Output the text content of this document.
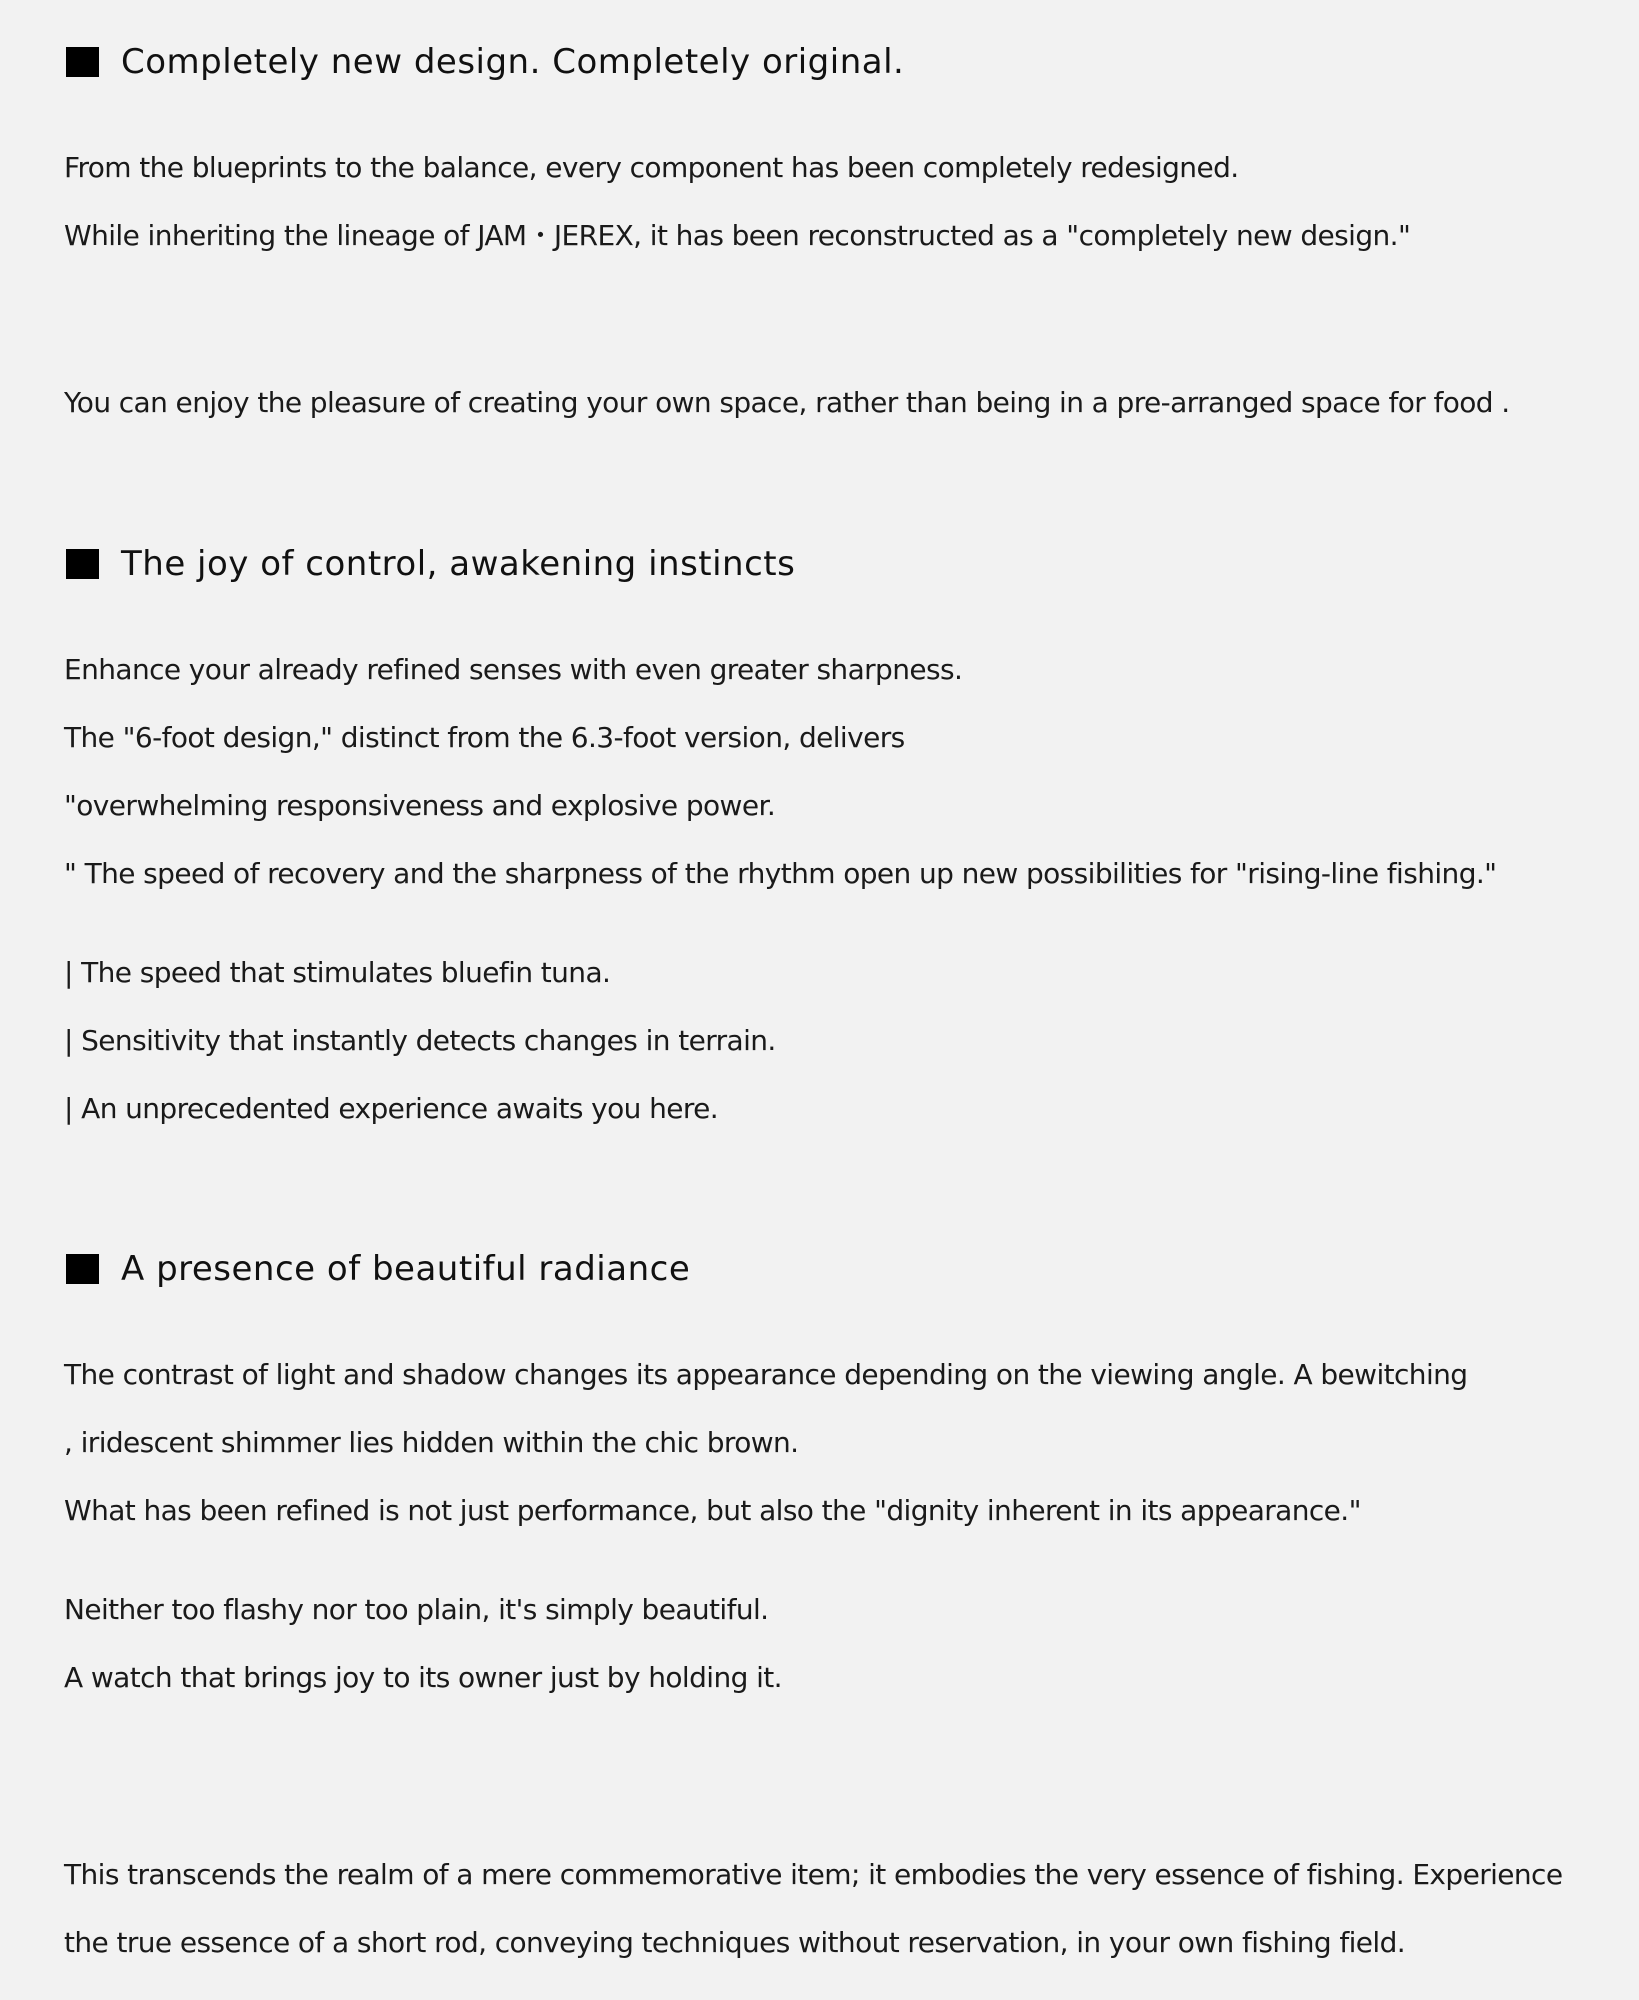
Completely new design. Completely original.
From the blueprints to the balance, every component has been completely redesigned.
While inheriting the lineage of JAM・JEREX, it has been reconstructed as a "completely new design."
You can enjoy the pleasure of creating your own space, rather than being in a pre-arranged space for food .
The joy of control, awakening instincts
Enhance your already refined senses with even greater sharpness.
The "6-foot design," distinct from the 6.3-foot version, delivers
"overwhelming responsiveness and explosive power.
" The speed of recovery and the sharpness of the rhythm open up new possibilities for "rising-line fishing."
| The speed that stimulates bluefin tuna.
| Sensitivity that instantly detects changes in terrain.
| An unprecedented experience awaits you here.
A presence of beautiful radiance
The contrast of light and shadow changes its appearance depending on the viewing angle. A bewitching
, iridescent shimmer lies hidden within the chic brown.
What has been refined is not just performance, but also the "dignity inherent in its appearance."
Neither too flashy nor too plain, it's simply beautiful.
A watch that brings joy to its owner just by holding it.
This transcends the realm of a mere commemorative item; it embodies the very essence of fishing. Experience
the true essence of a short rod, conveying techniques without reservation, in your own fishing field.
